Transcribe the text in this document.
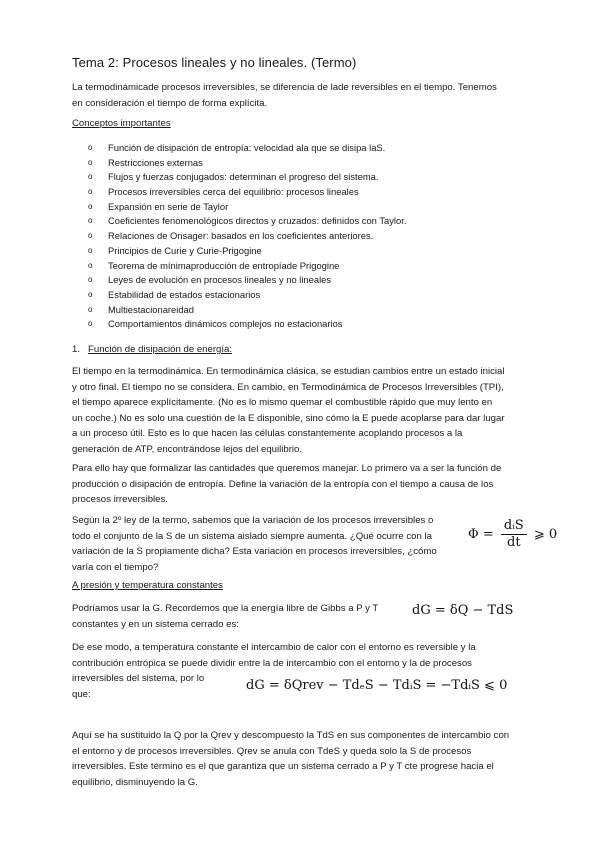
Tema 2: Procesos lineales y no lineales. (Termo)
La termodinámicade procesos irreversibles, se diferencia de lade reversibles en el tiempo. Tenemos
en consideración el tiempo de forma explícita.
Conceptos importantes
o Función de disipación de entropía: velocidad ala que se disipa laS.
o Restricciones externas
o Flujos y fuerzas conjugados: determinan el progreso del sistema.
o Procesos irreversibles cerca del equilibrio: procesos lineales
o Expansión en serie de Taylor
o Coeficientes fenomenológicos directos y cruzados: definidos con Taylor.
o Relaciones de Onsager: basados en los coeficientes anteriores.
o Principios de Curie y Curie-Prigogine
o Teorema de mínimaproducción de entropíade Prigogine
o Leyes de evolución en procesos lineales y no lineales
o Estabilidad de estados estacionarios
o Multiestacionareidad
o Comportamientos dinámicos complejos no estacionarios
1. Función de disipación de energía:
El tiempo en la termodinámica. En termodinámica clásica, se estudian cambios entre un estado inicial
y otro final. El tiempo no se considera. En cambio, en Termodinámica de Procesos Irreversibles (TPI),
el tiempo aparece explícitamente. (No es lo mismo quemar el combustible rápido que muy lento en
un coche.) No es solo una cuestión de la E disponible, sino cómo la E puede acoplarse para dar lugar
a un proceso útil. Esto es lo que hacen las células constantemente acoplando procesos a la
generación de ATP, encontrándose lejos del equilibrio.
Para ello hay que formalizar las cantidades que queremos manejar. Lo primero va a ser la función de
producción o disipación de entropía. Define la variación de la entropía con el tiempo a causa de los
procesos irreversibles.
Según la 2º ley de la termo, sabemos que la variación de los procesos irreversibles o
todo el conjunto de la S de un sistema aislado siempre aumenta. ¿Qué ocurre con la
variación de la S propiamente dicha? Esta variación en procesos irreversibles, ¿cómo
varía con el tiempo?
$\Phi = \frac{\text{dᵢS}}{dt}$ ⩾ 0
A presión y temperatura constantes
Podríamos usar la G. Recordemos que la energía libre de Gibbs a P y T
constantes y en un sistema cerrado es:
dG = δQ − TdS
De ese modo, a temperatura constante el intercambio de calor con el entorno es reversible y la
contribución entrópica se puede dividir entre la de intercambio con el entorno y la de procesos
irreversibles del sistema, por lo
que:
dG = δQrev − TdₑS − TdᵢS = −TdᵢS ⩽ 0
Aquí se ha sustituido la Q por la Qrev y descompuesto la TdS en sus componentes de intercambio con
el entorno y de procesos irreversibles. Qrev se anula con TdeS y queda solo la S de procesos
irreversibles. Este término es el que garantiza que un sistema cerrado a P y T cte progrese hacia el
equilibrio, disminuyendo la G.
